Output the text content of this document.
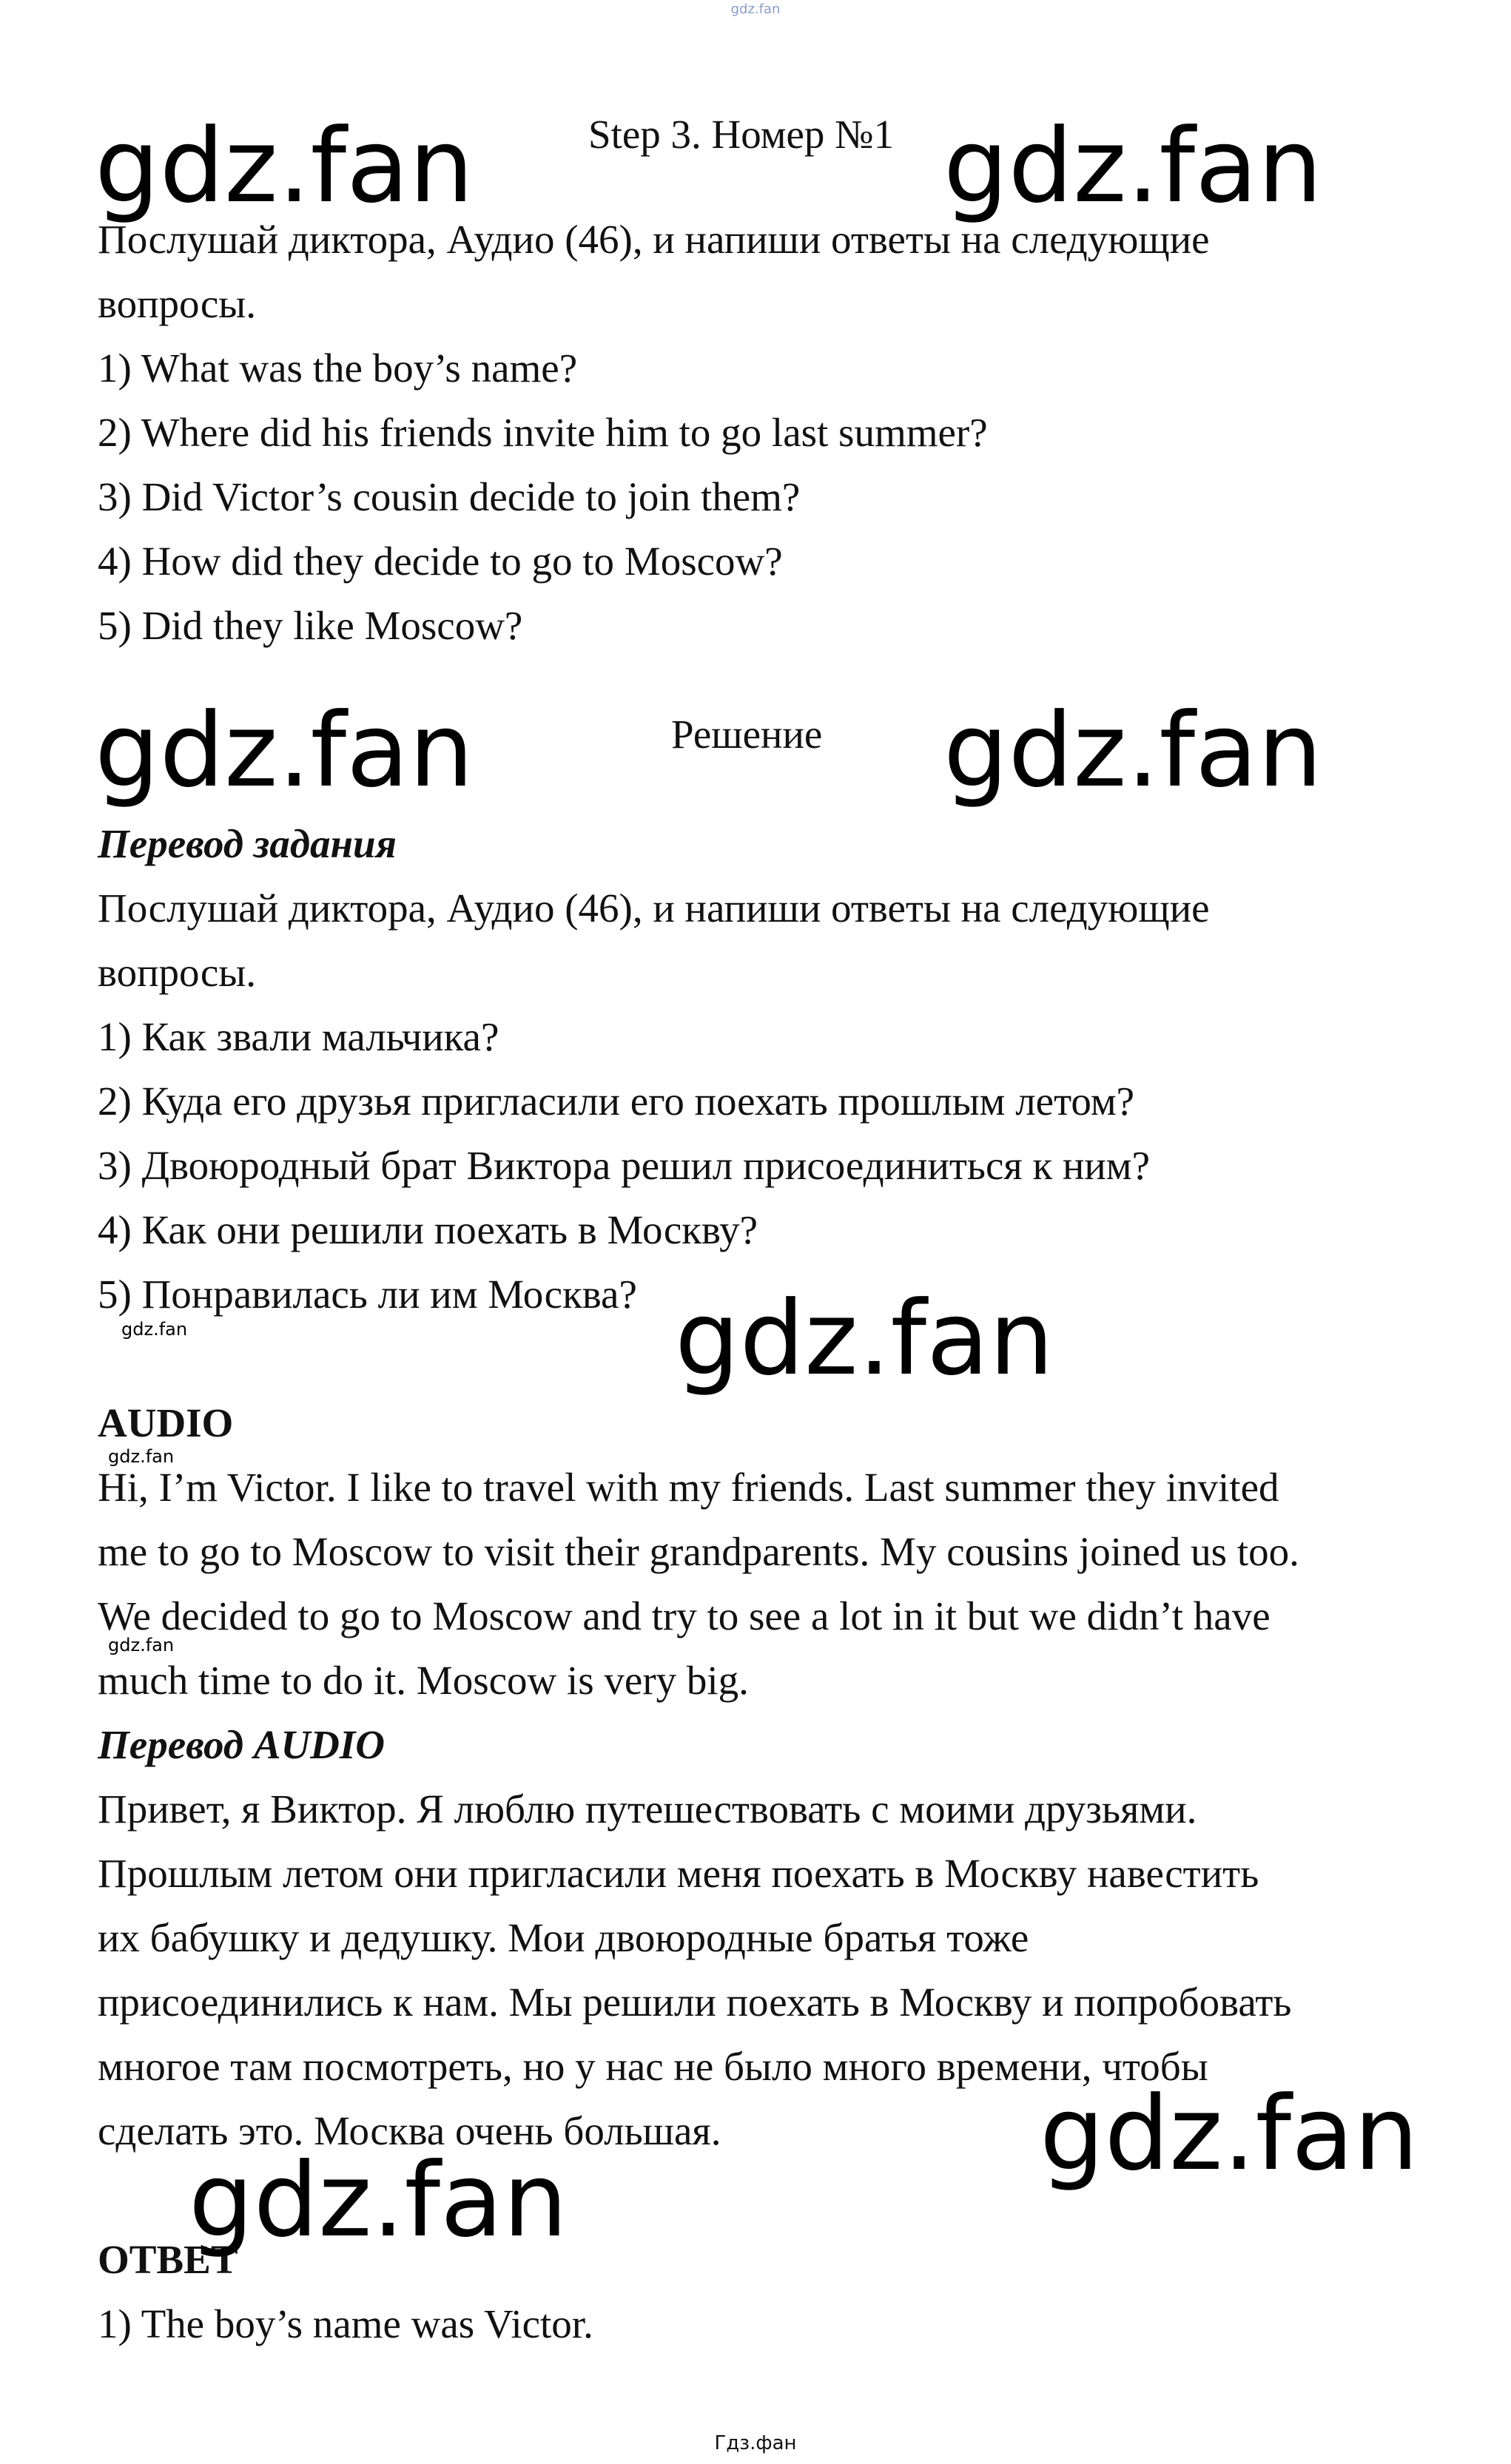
gdz.fan
Step 3. Номер №1
Послушай диктора, Аудио (46), и напиши ответы на следующие
вопросы.
1) What was the boy’s name?
2) Where did his friends invite him to go last summer?
3) Did Victor’s cousin decide to join them?
4) How did they decide to go to Moscow?
5) Did they like Moscow?
Решение
Перевод задания
Послушай диктора, Аудио (46), и напиши ответы на следующие
вопросы.
1) Как звали мальчика?
2) Куда его друзья пригласили его поехать прошлым летом?
3) Двоюродный брат Виктора решил присоединиться к ним?
4) Как они решили поехать в Москву?
5) Понравилась ли им Москва?
AUDIO
Hi, I’m Victor. I like to travel with my friends. Last summer they invited
me to go to Moscow to visit their grandparents. My cousins joined us too.
We decided to go to Moscow and try to see a lot in it but we didn’t have
much time to do it. Moscow is very big.
Перевод AUDIO
Привет, я Виктор. Я люблю путешествовать с моими друзьями.
Прошлым летом они пригласили меня поехать в Москву навестить
их бабушку и дедушку. Мои двоюродные братья тоже
присоединились к нам. Мы решили поехать в Москву и попробовать
многое там посмотреть, но у нас не было много времени, чтобы
сделать это. Москва очень большая.
ОТВЕТ
1) The boy’s name was Victor.
gdz.fan	gdz.fan
gdz.fan	gdz.fan
gdz.fan
gdz.fan
gdz.fan
gdz.fan
gdz.fan
gdz.fan
Гдз.фан
